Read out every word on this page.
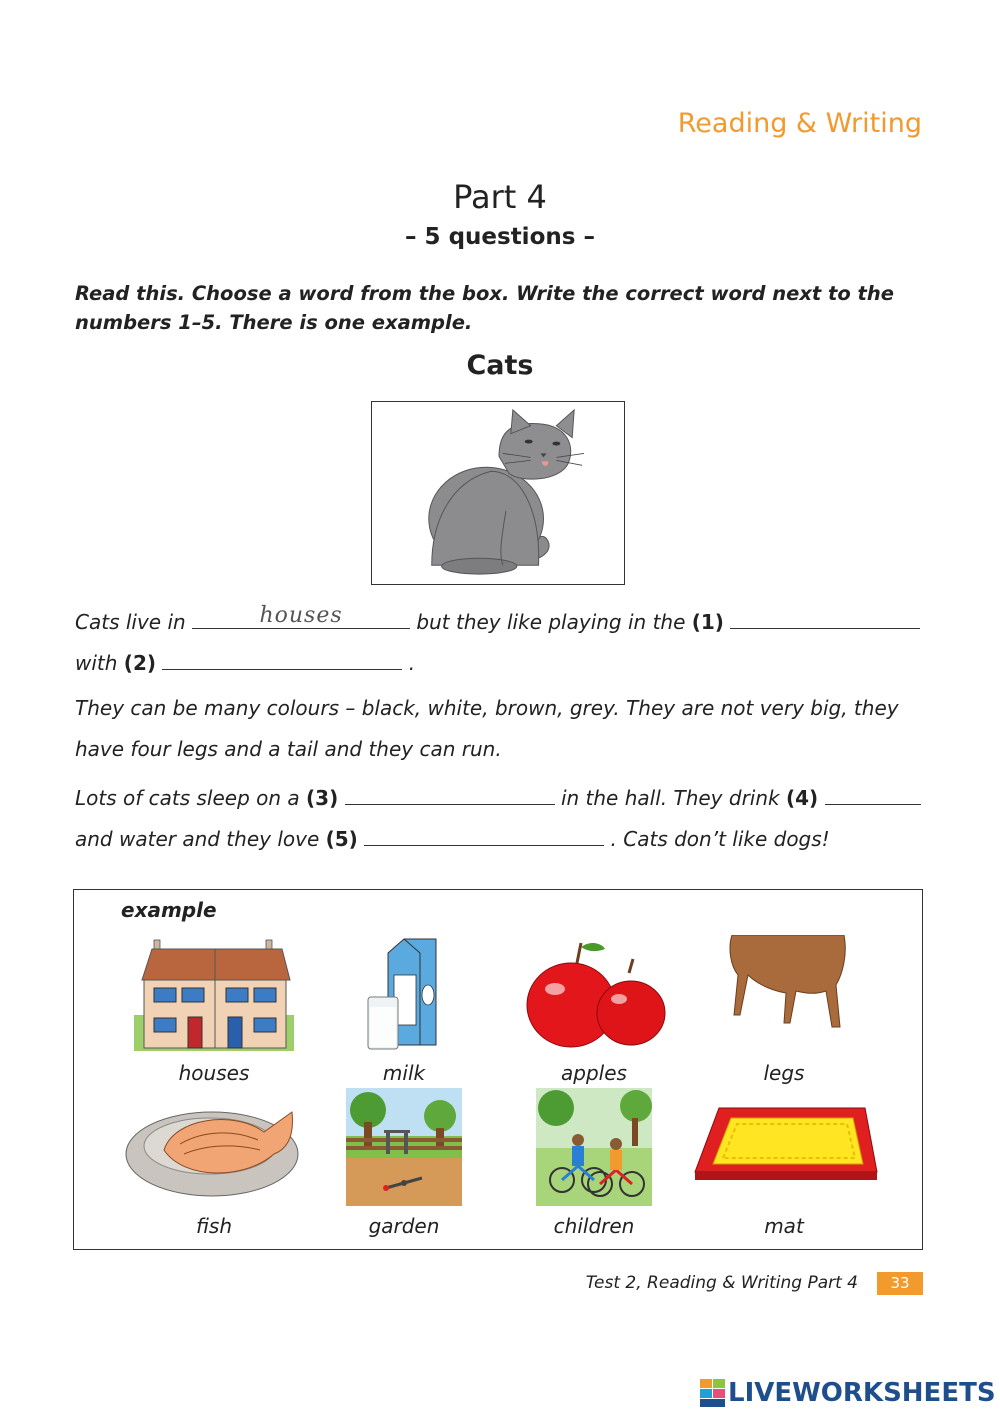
Reading & Writing
Part 4
– 5 questions –
Read this. Choose a word from the box. Write the correct word next to the numbers 1–5. There is one example.
Cats
Cats live in	houses	but they like playing in the (1)
with (2)	.
They can be many colours – black, white, brown, grey. They are not very big, they
have four legs and a tail and they can run.
Lots of cats sleep on a (3)	in the hall. They drink (4)
and water and they love (5)	. Cats don’t like dogs!
example
houses	milk	apples	legs
fish	garden	children	mat
Test 2, Reading & Writing Part 4	33
LIVEWORKSHEETS
